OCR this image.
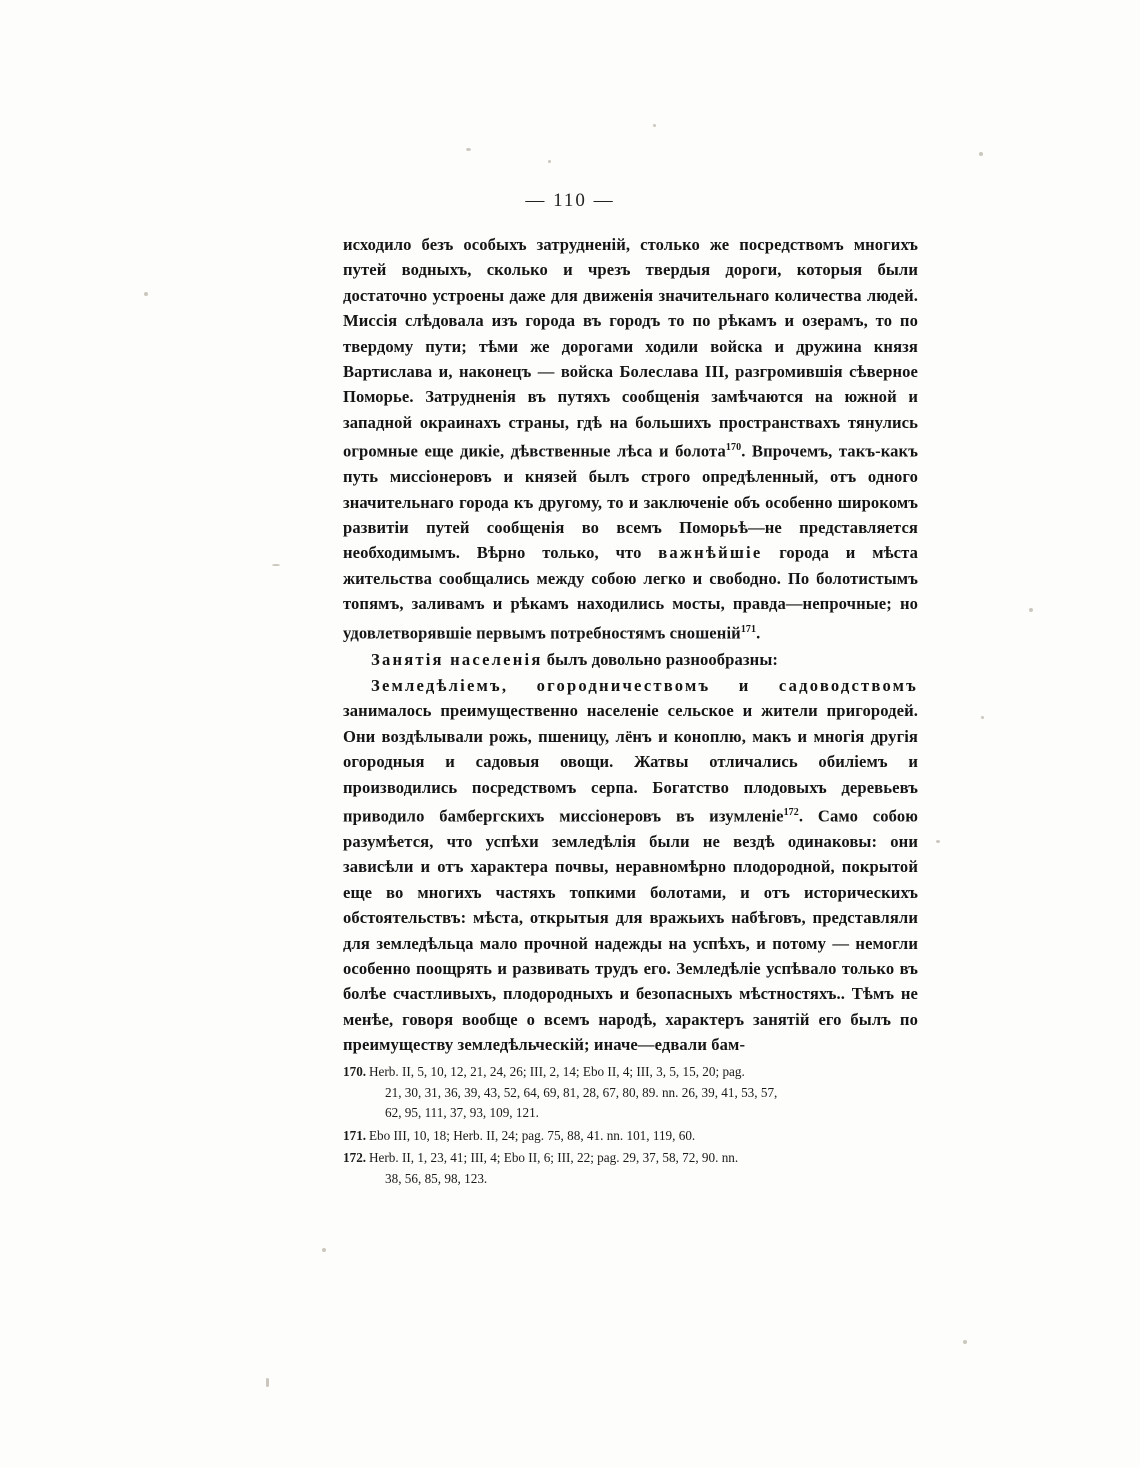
— 110 —

исходило безъ особыхъ затрудненій, столько же посредствомъ многихъ путей водныхъ, сколько и чрезъ твердыя дороги, которыя были достаточно устроены даже для движенія значительнаго количества людей. Миссія слѣдовала изъ города въ городъ то по рѣкамъ и озерамъ, то по твердому пути; тѣми же дорогами ходили войска и дружина князя Вартислава и, наконецъ — войска Болеслава III, разгромившія сѣверное Поморье. Затрудненія въ путяхъ сообщенія замѣчаются на южной и западной окраинахъ страны, гдѣ на большихъ пространствахъ тянулись огромные еще дикіе, дѣвственные лѣса и болота$^{170}$. Впрочемъ, такъ-какъ путь миссіонеровъ и князей былъ строго опредѣленный, отъ одного значительнаго города къ другому, то и заключеніе объ особенно широкомъ развитіи путей сообщенія во всемъ Поморьѣ—не представляется необходимымъ. Вѣрно только, что важнѣйшіе города и мѣста жительства сообщались между собою легко и свободно. По болотистымъ топямъ, заливамъ и рѣкамъ находились мосты, правда—непрочные; но удовлетворявшіе первымъ потребностямъ сношеній$^{171}$.

Занятія населенія былъ довольно разнообразны:

Земледѣліемъ, огородничествомъ и садоводствомъ занималось преимущественно населеніе сельское и жители пригородей. Они воздѣлывали рожь, пшеницу, лёнъ и коноплю, макъ и многія другія огородныя и садовыя овощи. Жатвы отличались обиліемъ и производились посредствомъ серпа. Богатство плодовыхъ деревьевъ приводило бамбергскихъ миссіонеровъ въ изумленіе$^{172}$. Само собою разумѣется, что успѣхи земледѣлія были не вездѣ одинаковы: они зависѣли и отъ характера почвы, неравномѣрно плодородной, покрытой еще во многихъ частяхъ топкими болотами, и отъ историческихъ обстоятельствъ: мѣста, открытыя для вражьихъ набѣговъ, представляли для земледѣльца мало прочной надежды на успѣхъ, и потому — немогли особенно поощрять и развивать трудъ его. Земледѣліе успѣвало только въ болѣе счастливыхъ, плодородныхъ и безопасныхъ мѣстностяхъ.. Тѣмъ не менѣе, говоря вообще о всемъ народѣ, характеръ занятій его былъ по преимуществу земледѣльческій; иначе—едвали бам-

170. Herb. II, 5, 10, 12, 21, 24, 26; III, 2, 14; Ebo II, 4; III, 3, 5, 15, 20; pag.
21, 30, 31, 36, 39, 43, 52, 64, 69, 81, 28, 67, 80, 89. nn. 26, 39, 41, 53, 57,
62, 95, 111, 37, 93, 109, 121.
171. Ebo III, 10, 18; Herb. II, 24; pag. 75, 88, 41. nn. 101, 119, 60.
172. Herb. II, 1, 23, 41; III, 4; Ebo II, 6; III, 22; pag. 29, 37, 58, 72, 90. nn.
38, 56, 85, 98, 123.
